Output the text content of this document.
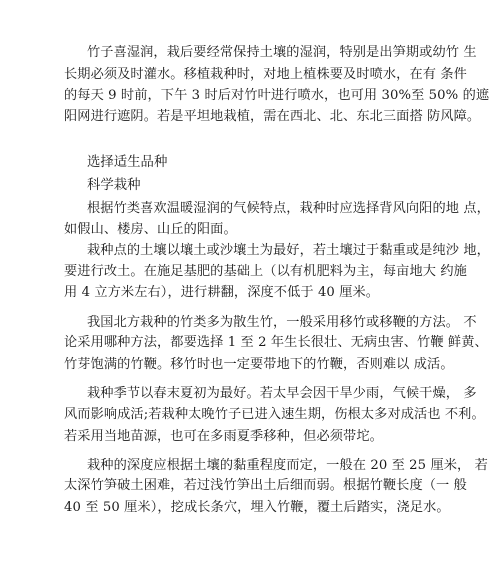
竹子喜湿润，栽后要经常保持土壤的湿润，特别是出笋期或幼竹 生
长期必须及时灌水。移植栽种时，对地上植株要及时喷水，在有 条件
的每天 9 时前，下午 3 时后对竹叶进行喷水，也可用 30%至 50% 的遮
阳网进行遮阴。若是平坦地栽植，需在西北、北、东北三面搭 防风障。
选择适生品种
科学栽种
根据竹类喜欢温暖湿润的气候特点，栽种时应选择背风向阳的地 点，
如假山、楼房、山丘的阳面。
栽种点的土壤以壤土或沙壤土为最好，若土壤过于黏重或是纯沙 地，
要进行改土。在施足基肥的基础上（以有机肥料为主，每亩地大 约施
用 4 立方米左右），进行耕翻，深度不低于 40 厘米。
我国北方栽种的竹类多为散生竹，一般采用移竹或移鞭的方法。 不
论采用哪种方法，都要选择 1 至 2 年生长很壮、无病虫害、竹鞭 鲜黄、
竹芽饱满的竹鞭。移竹时也一定要带地下的竹鞭，否则难以 成活。
栽种季节以春末夏初为最好。若太早会因干旱少雨，气候干燥， 多
风而影响成活;若栽种太晚竹子已进入速生期，伤根太多对成活也 不利。
若采用当地苗源，也可在多雨夏季移种，但必须带坨。
栽种的深度应根据土壤的黏重程度而定，一般在 20 至 25 厘米， 若
太深竹笋破土困难，若过浅竹笋出土后细而弱。根据竹鞭长度（一 般
40 至 50 厘米），挖成长条穴，埋入竹鞭，覆土后踏实，浇足水。
